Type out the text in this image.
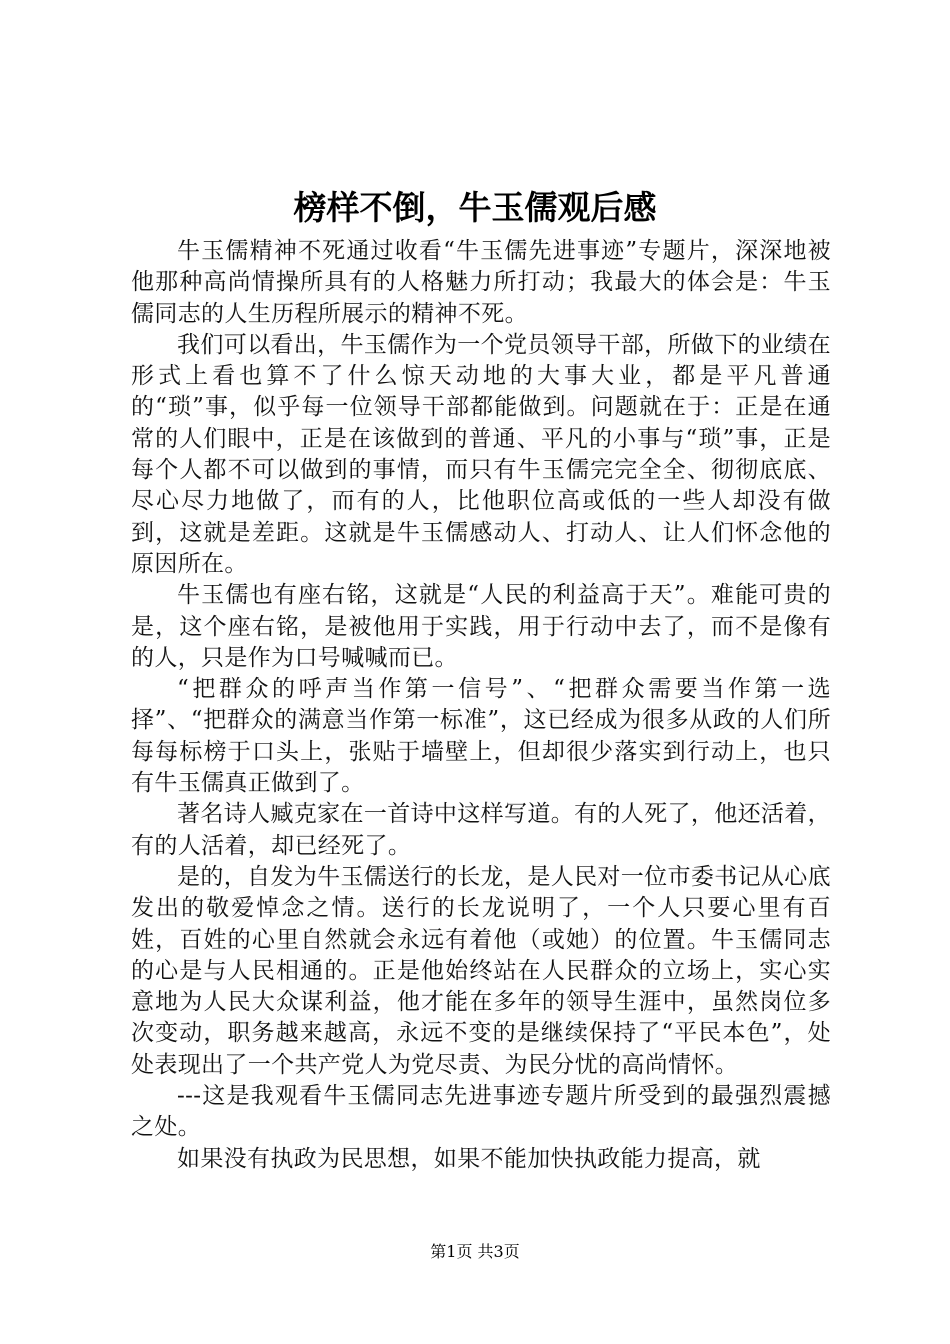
榜样不倒，牛玉儒观后感

牛玉儒精神不死通过收看“牛玉儒先进事迹”专题片，深深地被他那种高尚情操所具有的人格魅力所打动；我最大的体会是：牛玉儒同志的人生历程所展示的精神不死。

我们可以看出，牛玉儒作为一个党员领导干部，所做下的业绩在形式上看也算不了什么惊天动地的大事大业，都是平凡普通的“琐”事，似乎每一位领导干部都能做到。问题就在于：正是在通常的人们眼中，正是在该做到的普通、平凡的小事与“琐”事，正是每个人都不可以做到的事情，而只有牛玉儒完完全全、彻彻底底、尽心尽力地做了，而有的人，比他职位高或低的一些人却没有做到，这就是差距。这就是牛玉儒感动人、打动人、让人们怀念他的原因所在。

牛玉儒也有座右铭，这就是“人民的利益高于天”。难能可贵的是，这个座右铭，是被他用于实践，用于行动中去了，而不是像有的人，只是作为口号喊喊而已。

“把群众的呼声当作第一信号”、“把群众需要当作第一选择”、“把群众的满意当作第一标准”，这已经成为很多从政的人们所每每标榜于口头上，张贴于墙壁上，但却很少落实到行动上，也只有牛玉儒真正做到了。

著名诗人臧克家在一首诗中这样写道。有的人死了，他还活着，有的人活着，却已经死了。

是的，自发为牛玉儒送行的长龙，是人民对一位市委书记从心底发出的敬爱悼念之情。送行的长龙说明了，一个人只要心里有百姓，百姓的心里自然就会永远有着他（或她）的位置。牛玉儒同志的心是与人民相通的。正是他始终站在人民群众的立场上，实心实意地为人民大众谋利益，他才能在多年的领导生涯中，虽然岗位多次变动，职务越来越高，永远不变的是继续保持了“平民本色”，处处表现出了一个共产党人为党尽责、为民分忧的高尚情怀。

---这是我观看牛玉儒同志先进事迹专题片所受到的最强烈震撼之处。

如果没有执政为民思想，如果不能加快执政能力提高，就

第1页 共3页
